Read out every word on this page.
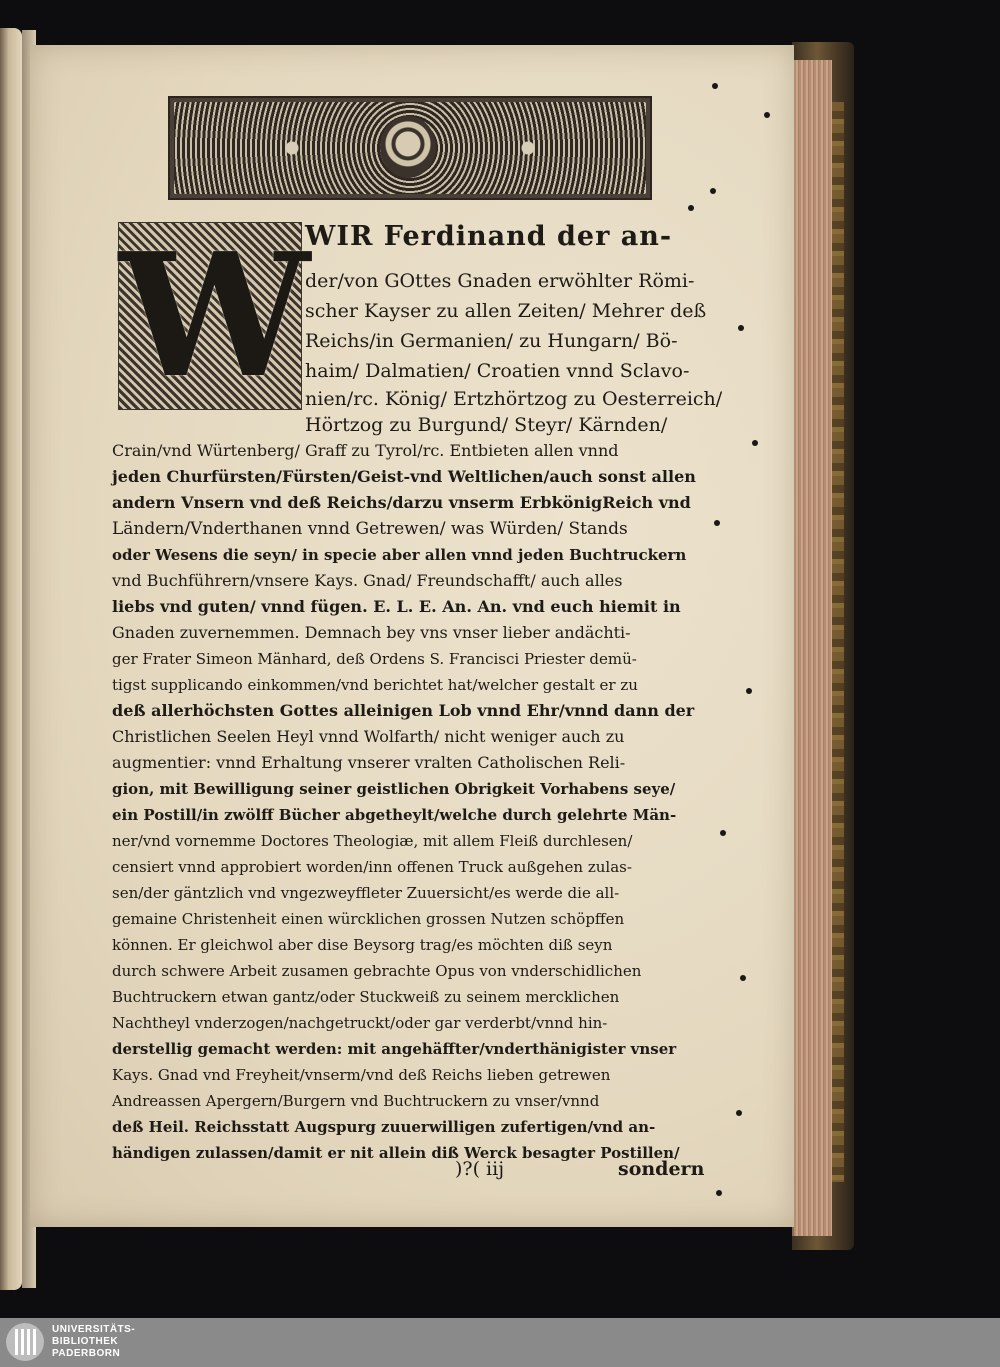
W
WIR Ferdinand der an-
der/von GOttes Gnaden erwöhlter Römi-
scher Kayser zu allen Zeiten/ Mehrer deß
Reichs/in Germanien/ zu Hungarn/ Bö-
haim/ Dalmatien/ Croatien vnnd Sclavo-
nien/rc. König/ Ertzhörtzog zu Oesterreich/
Hörtzog zu Burgund/ Steyr/ Kärnden/
Crain/vnd Würtenberg/ Graff zu Tyrol/rc. Entbieten allen vnnd
jeden Churfürsten/Fürsten/Geist-vnd Weltlichen/auch sonst allen
andern Vnsern vnd deß Reichs/darzu vnserm ErbkönigReich vnd
Ländern/Vnderthanen vnnd Getrewen/ was Würden/ Stands
oder Wesens die seyn/ in specie aber allen vnnd jeden Buchtruckern
vnd Buchführern/vnsere Kays. Gnad/ Freundschafft/ auch alles
liebs vnd guten/ vnnd fügen. E. L. E. An. An. vnd euch hiemit in
Gnaden zuvernemmen. Demnach bey vns vnser lieber andächti-
ger Frater Simeon Mänhard, deß Ordens S. Francisci Priester demü-
tigst supplicando einkommen/vnd berichtet hat/welcher gestalt er zu
deß allerhöchsten Gottes alleinigen Lob vnnd Ehr/vnnd dann der
Christlichen Seelen Heyl vnnd Wolfarth/ nicht weniger auch zu
augmentier: vnnd Erhaltung vnserer vralten Catholischen Reli-
gion, mit Bewilligung seiner geistlichen Obrigkeit Vorhabens seye/
ein Postill/in zwölff Bücher abgetheylt/welche durch gelehrte Män-
ner/vnd vornemme Doctores Theologiæ, mit allem Fleiß durchlesen/
censiert vnnd approbiert worden/inn offenen Truck außgehen zulas-
sen/der gäntzlich vnd vngezweyffleter Zuuersicht/es werde die all-
gemaine Christenheit einen würcklichen grossen Nutzen schöpffen
können. Er gleichwol aber dise Beysorg trag/es möchten diß seyn
durch schwere Arbeit zusamen gebrachte Opus von vnderschidlichen
Buchtruckern etwan gantz/oder Stuckweiß zu seinem mercklichen
Nachtheyl vnderzogen/nachgetruckt/oder gar verderbt/vnnd hin-
derstellig gemacht werden: mit angehäffter/vnderthänigister vnser
Kays. Gnad vnd Freyheit/vnserm/vnd deß Reichs lieben getrewen
Andreassen Apergern/Burgern vnd Buchtruckern zu vnser/vnnd
deß Heil. Reichsstatt Augspurg zuuerwilligen zufertigen/vnd an-
händigen zulassen/damit er nit allein diß Werck besagter Postillen/
)?( iij	sondern
UNIVERSITÄTS-
BIBLIOTHEK
PADERBORN
